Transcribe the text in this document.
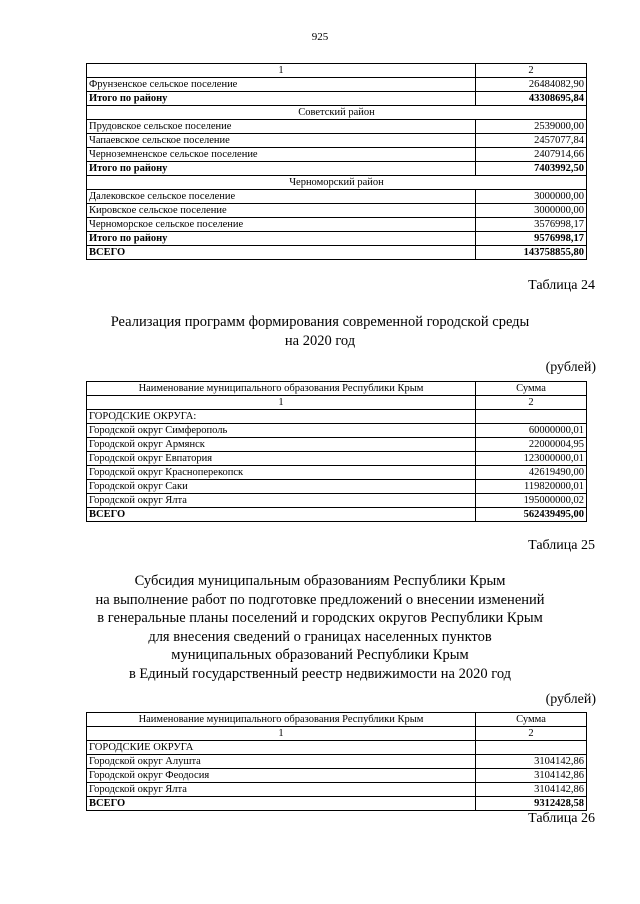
925
1	2
Фрунзенское сельское поселение	26484082,90
Итого по району	43308695,84
Советский район	
Прудовское сельское поселение	2539000,00
Чапаевское сельское поселение	2457077,84
Черноземненское сельское поселение	2407914,66
Итого по району	7403992,50
Черноморский район	
Далековское сельское поселение	3000000,00
Кировское сельское поселение	3000000,00
Черноморское сельское поселение	3576998,17
Итого по району	9576998,17
ВСЕГО	143758855,80
Таблица 24
Реализация программ формирования современной городской среды
на 2020 год
(рублей)
Наименование муниципального образования Республики Крым	Сумма
1	2
ГОРОДСКИЕ ОКРУГА:	
Городской округ Симферополь	60000000,01
Городской округ Армянск	22000004,95
Городской округ Евпатория	123000000,01
Городской округ Красноперекопск	42619490,00
Городской округ Саки	119820000,01
Городской округ Ялта	195000000,02
ВСЕГО	562439495,00
Таблица 25
Субсидия муниципальным образованиям Республики Крым
на выполнение работ по подготовке предложений о внесении изменений
в генеральные планы поселений и городских округов Республики Крым
для внесения сведений о границах населенных пунктов
муниципальных образований Республики Крым
в Единый государственный реестр недвижимости на 2020 год
(рублей)
Наименование муниципального образования Республики Крым	Сумма
1	2
ГОРОДСКИЕ ОКРУГА	
Городской округ Алушта	3104142,86
Городской округ Феодосия	3104142,86
Городской округ Ялта	3104142,86
ВСЕГО	9312428,58
Таблица 26
